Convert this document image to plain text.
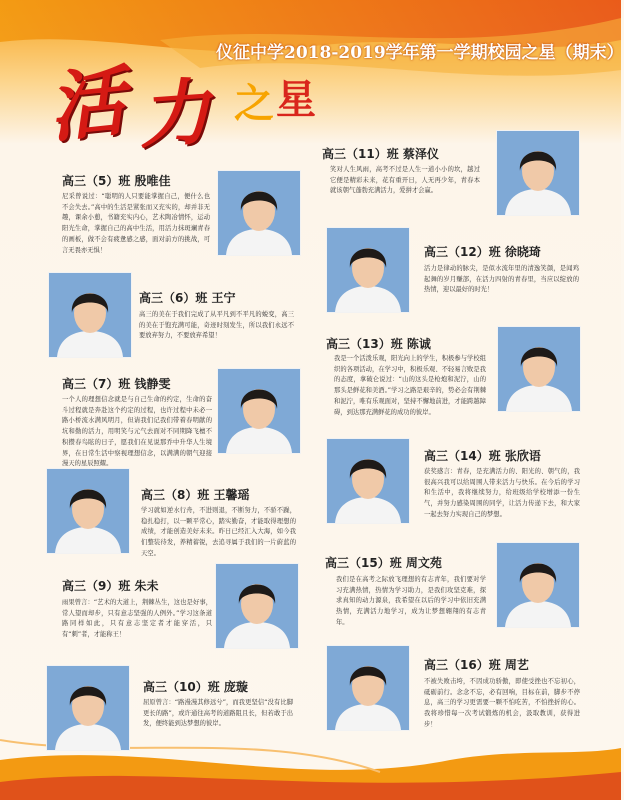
仪征中学2018-2019学年第一学期校园之星（期末）
活 力 之 星
高三（5）班 殷唯佳
尼采曾说过：“聪明的人只要能掌握自己，便什么也不会失去。”高中的生活是紧张而又充实的，却并非无趣，课余小憩，书籍充实内心，艺术陶冶情怀，运动阳光生命，掌握自己的高中生活，用活力抹斑斓青春的画板，做不会有疲惫感之感，面对前方的挑战，可言无畏亦无惧！
高三（6）班 王宁
高三的美在于我们完成了从平凡到不平凡的蜕变，高三的美在于饱充满可能，奇迹时刻发生，所以我们永远不要放弃努力，不要放弃希望！
高三（7）班 钱静雯
一个人的理想信念就是与自己生命的约定，生命的奋斗过程就是奔赴这个约定的过程，也许过程中未必一路小桥流水满风明月，但请我们记我们带着春明献的坑和勤的活力，用明笑与元气去面对不同期降飞檀不积攒春鸟眩的日子，愿我们在见说那乔中升华人生境界，在日常生活中察视理想信念，以满满的朝气迎接漫天的星辰照耀。
高三（8）班 王馨瑶
学习就如逆水行舟，不进则退，不断努力，不骄不躁，稳扎稳打，以一颗平常心，踏实勤奋，才能取得理想的成绩，才能创造美好未来。昨日已经汇入大海，如今我们整装待发，养精蓄锐，去追寻属于我们的一片蔚蓝的天空。
高三（9）班 朱未
雨果曾言：“艺术的大道上，荆棘丛生，这也是好事，常人望而却步，只有意志坚强的人例外。”学习这条道路同样如此，只有意志坚定者才能穿活，只有“刺”者，才能称王！
高三（10）班 庞璇
屈原曾言：“路漫漫其修远兮”，而我更坚信“没有比脚更长的路”，或许通往高考的道路阻且长，但若敢于出发，便终能到达梦想的彼岸。
高三（11）班 蔡泽仪
笑对人生风雨，高考不过是人生一道小小的坎，越过它便是精彩未来，花有重开日，人无再少年，青春本就该朝气蓬勃充满活力，爱拼才会赢。
高三（12）班 徐晓琦
活力是律动的脉尖，是似水流年里的清逸笑颜，是闻鸡起舞的岁月赚部，在活力四射的青春里，当应以绽放的热情，迎以最好的时光！
高三（13）班 陈诚
我是一个活泼乐观，阳光向上的学生，积极参与学校组织的各项活动，在学习中，积极乐观、不轻易言败是我的态度，拿破仑说过：“山的这头是枪炮和泥泞，山的那头是鲜花和美酒。”学习之路是艰辛的，势必会有荆棘和泥泞，唯有乐观面对，坚持不懈地前进，才能跨越障碍，到达那充满鲜花的成功的彼岸。
高三（14）班 张欣语
获奖感言：青春，是充满活力的、阳光的、朝气的，我很高兴我可以给周围人带来活力与快乐。在今后的学习和生活中，我将继续努力，给班级给学校增添一份生气，并努力感染周围的同学，让活力传递下去，和大家一起去努力实现自己的梦想。
高三（15）班 周文苑
我们是在高考之际放飞理想的有志青年，我们要对学习充满热情，热情为学习助力，是我们攻坚克难，探求真知的动力源泉，我希望在以后的学习中依旧充满热情，充满活力地学习，成为让梦想翱翔的有志青年。
高三（16）班 周艺
不被失败击垮，不因成功骄傲，即使受挫也不忘初心，砥砺前行。念念不忘，必有回响，目标在前，脚步不停息，高三的学习更需要一颗不怕吃苦，不怕挫折的心。我将珍惜每一次考试锻炼的机会，汲取教训，获得进步！
